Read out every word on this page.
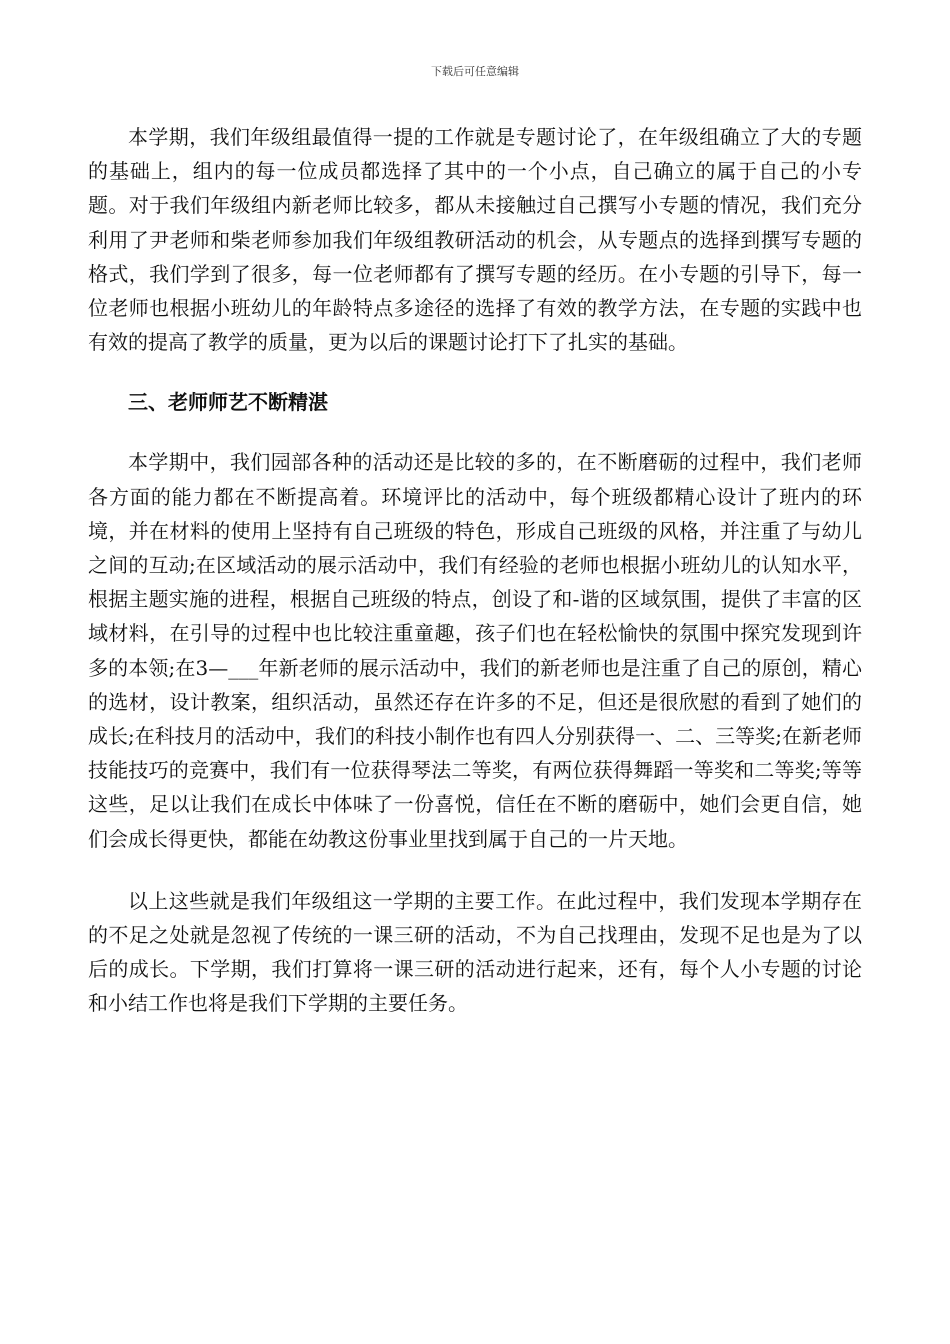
下载后可任意编辑

本学期，我们年级组最值得一提的工作就是专题讨论了，在年级组确立了大的专题的基础上，组内的每一位成员都选择了其中的一个小点，自己确立的属于自己的小专题。对于我们年级组内新老师比较多，都从未接触过自己撰写小专题的情况，我们充分利用了尹老师和柴老师参加我们年级组教研活动的机会，从专题点的选择到撰写专题的格式，我们学到了很多，每一位老师都有了撰写专题的经历。在小专题的引导下，每一位老师也根据小班幼儿的年龄特点多途径的选择了有效的教学方法，在专题的实践中也有效的提高了教学的质量，更为以后的课题讨论打下了扎实的基础。

三、老师师艺不断精湛

本学期中，我们园部各种的活动还是比较的多的，在不断磨砺的过程中，我们老师各方面的能力都在不断提高着。环境评比的活动中，每个班级都精心设计了班内的环境，并在材料的使用上坚持有自己班级的特色，形成自己班级的风格，并注重了与幼儿之间的互动;在区域活动的展示活动中，我们有经验的老师也根据小班幼儿的认知水平，根据主题实施的进程，根据自己班级的特点，创设了和-谐的区域氛围，提供了丰富的区域材料，在引导的过程中也比较注重童趣，孩子们也在轻松愉快的氛围中探究发现到许多的本领;在3—___年新老师的展示活动中，我们的新老师也是注重了自己的原创，精心的选材，设计教案，组织活动，虽然还存在许多的不足，但还是很欣慰的看到了她们的成长;在科技月的活动中，我们的科技小制作也有四人分别获得一、二、三等奖;在新老师技能技巧的竞赛中，我们有一位获得琴法二等奖，有两位获得舞蹈一等奖和二等奖;等等这些，足以让我们在成长中体味了一份喜悦，信任在不断的磨砺中，她们会更自信，她们会成长得更快，都能在幼教这份事业里找到属于自己的一片天地。

以上这些就是我们年级组这一学期的主要工作。在此过程中，我们发现本学期存在的不足之处就是忽视了传统的一课三研的活动，不为自己找理由，发现不足也是为了以后的成长。下学期，我们打算将一课三研的活动进行起来，还有，每个人小专题的讨论和小结工作也将是我们下学期的主要任务。
